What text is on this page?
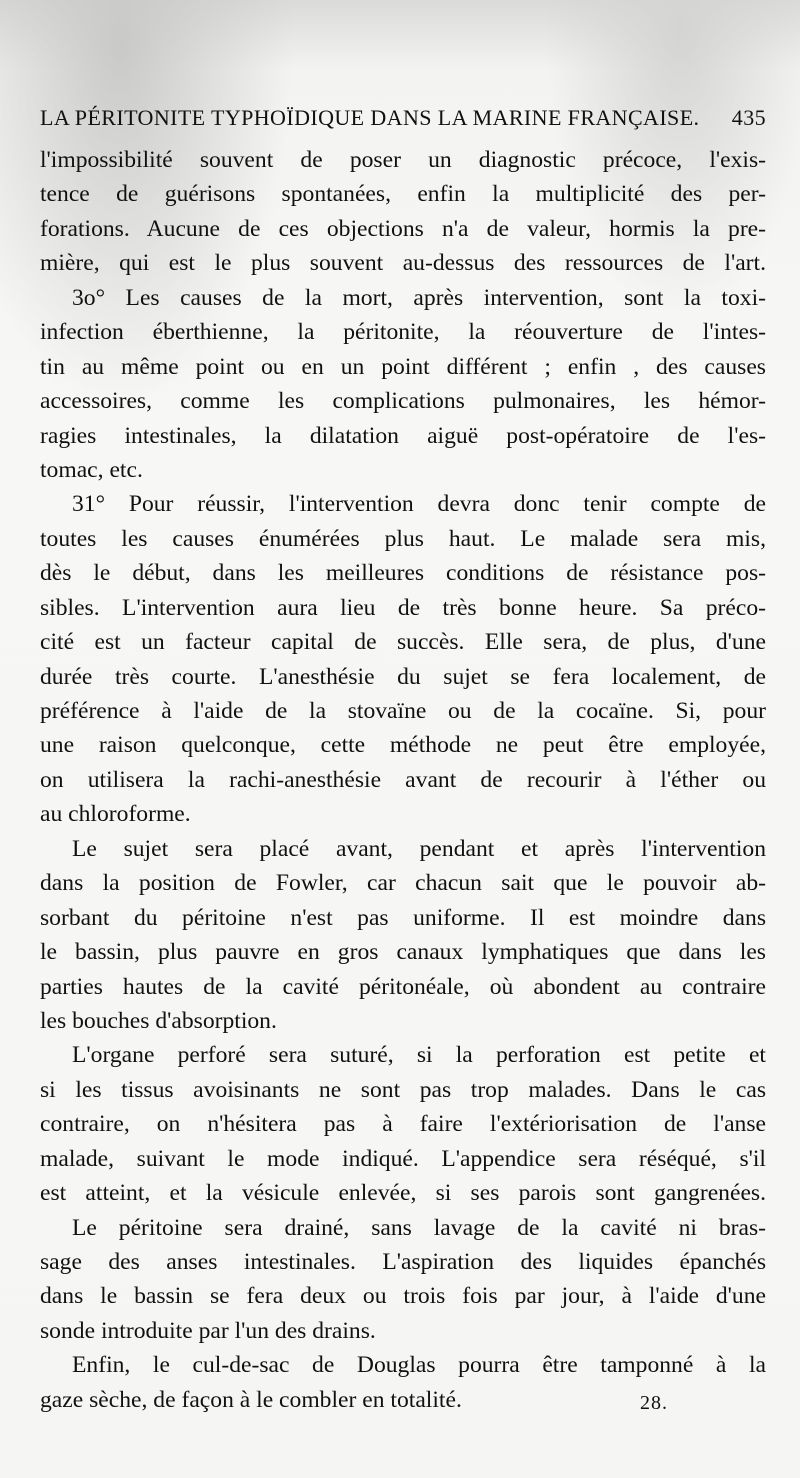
LA PÉRITONITE TYPHOÏDIQUE DANS LA MARINE FRANÇAISE. 435
l'impossibilité souvent de poser un diagnostic précoce, l'exis-
tence de guérisons spontanées, enfin la multiplicité des per-
forations. Aucune de ces objections n'a de valeur, hormis la pre-
mière, qui est le plus souvent au-dessus des ressources de l'art.
3o° Les causes de la mort, après intervention, sont la toxi-
infection éberthienne, la péritonite, la réouverture de l'intes-
tin au même point ou en un point différent ; enfin , des causes
accessoires, comme les complications pulmonaires, les hémor-
ragies intestinales, la dilatation aiguë post-opératoire de l'es-
tomac, etc.
31° Pour réussir, l'intervention devra donc tenir compte de
toutes les causes énumérées plus haut. Le malade sera mis,
dès le début, dans les meilleures conditions de résistance pos-
sibles. L'intervention aura lieu de très bonne heure. Sa préco-
cité est un facteur capital de succès. Elle sera, de plus, d'une
durée très courte. L'anesthésie du sujet se fera localement, de
préférence à l'aide de la stovaïne ou de la cocaïne. Si, pour
une raison quelconque, cette méthode ne peut être employée,
on utilisera la rachi-anesthésie avant de recourir à l'éther ou
au chloroforme.
Le sujet sera placé avant, pendant et après l'intervention
dans la position de Fowler, car chacun sait que le pouvoir ab-
sorbant du péritoine n'est pas uniforme. Il est moindre dans
le bassin, plus pauvre en gros canaux lymphatiques que dans les
parties hautes de la cavité péritonéale, où abondent au contraire
les bouches d'absorption.
L'organe perforé sera suturé, si la perforation est petite et
si les tissus avoisinants ne sont pas trop malades. Dans le cas
contraire, on n'hésitera pas à faire l'extériorisation de l'anse
malade, suivant le mode indiqué. L'appendice sera réséqué, s'il
est atteint, et la vésicule enlevée, si ses parois sont gangrenées.
Le péritoine sera drainé, sans lavage de la cavité ni bras-
sage des anses intestinales. L'aspiration des liquides épanchés
dans le bassin se fera deux ou trois fois par jour, à l'aide d'une
sonde introduite par l'un des drains.
Enfin, le cul-de-sac de Douglas pourra être tamponné à la
gaze sèche, de façon à le combler en totalité.	28.
